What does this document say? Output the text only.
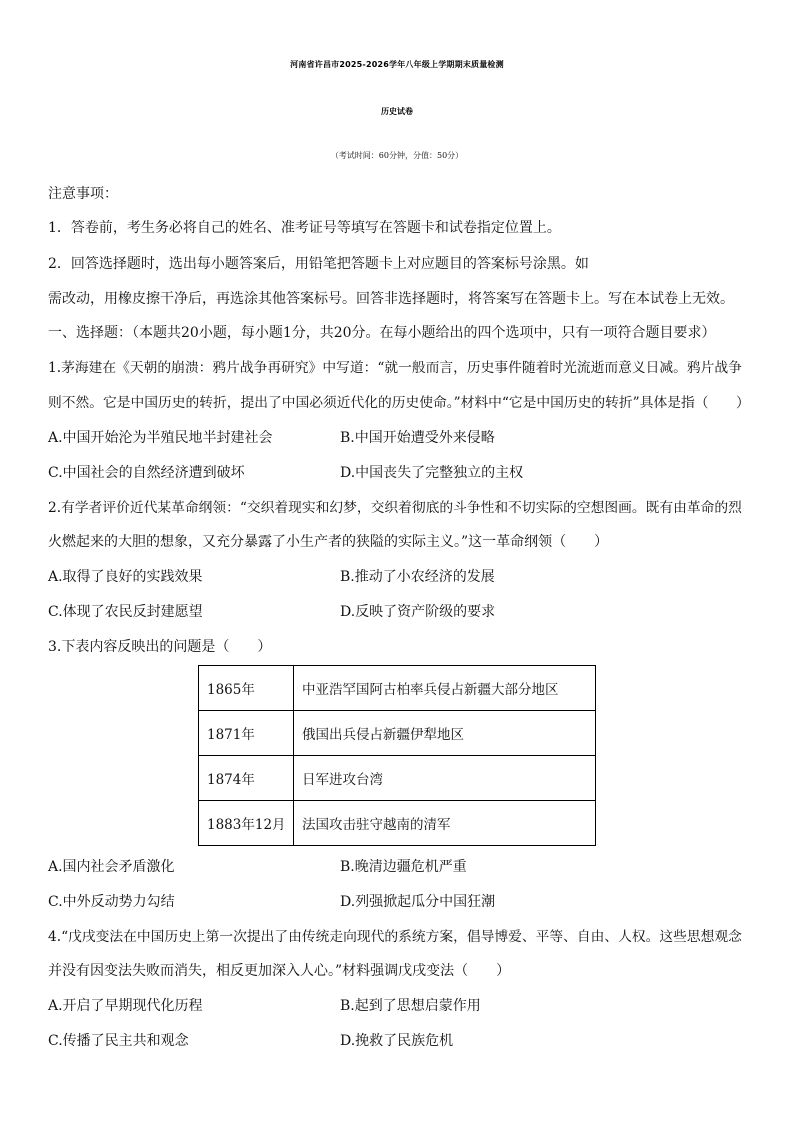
河南省许昌市2025-2026学年八年级上学期期末质量检测
历史试卷
（考试时间：60分钟，分值：50分）
注意事项：
1．答卷前，考生务必将自己的姓名、准考证号等填写在答题卡和试卷指定位置上。
2．回答选择题时，选出每小题答案后，用铅笔把答题卡上对应题目的答案标号涂黑。如
需改动，用橡皮擦干净后，再选涂其他答案标号。回答非选择题时，将答案写在答题卡上。写在本试卷上无效。
一、选择题：（本题共20小题，每小题1分，共20分。在每小题给出的四个选项中，只有一项符合题目要求）
1.茅海建在《天朝的崩溃：鸦片战争再研究》中写道：“就一般而言，历史事件随着时光流逝而意义日减。鸦片战争
则不然。它是中国历史的转折，提出了中国必须近代化的历史使命。”材料中“它是中国历史的转折”具体是指（　　）
A.中国开始沦为半殖民地半封建社会	B.中国开始遭受外来侵略
C.中国社会的自然经济遭到破坏	D.中国丧失了完整独立的主权
2.有学者评价近代某革命纲领：“交织着现实和幻梦，交织着彻底的斗争性和不切实际的空想图画。既有由革命的烈
火燃起来的大胆的想象，又充分暴露了小生产者的狭隘的实际主义。”这一革命纲领（　　）
A.取得了良好的实践效果	B.推动了小农经济的发展
C.体现了农民反封建愿望	D.反映了资产阶级的要求
3.下表内容反映出的问题是（　　）
1865年	中亚浩罕国阿古柏率兵侵占新疆大部分地区
1871年	俄国出兵侵占新疆伊犁地区
1874年	日军进攻台湾
1883年12月	法国攻击驻守越南的清军
A.国内社会矛盾激化	B.晚清边疆危机严重
C.中外反动势力勾结	D.列强掀起瓜分中国狂潮
4.“戊戌变法在中国历史上第一次提出了由传统走向现代的系统方案，倡导博爱、平等、自由、人权。这些思想观念
并没有因变法失败而消失，相反更加深入人心。”材料强调戊戌变法（　　）
A.开启了早期现代化历程	B.起到了思想启蒙作用
C.传播了民主共和观念	D.挽救了民族危机
